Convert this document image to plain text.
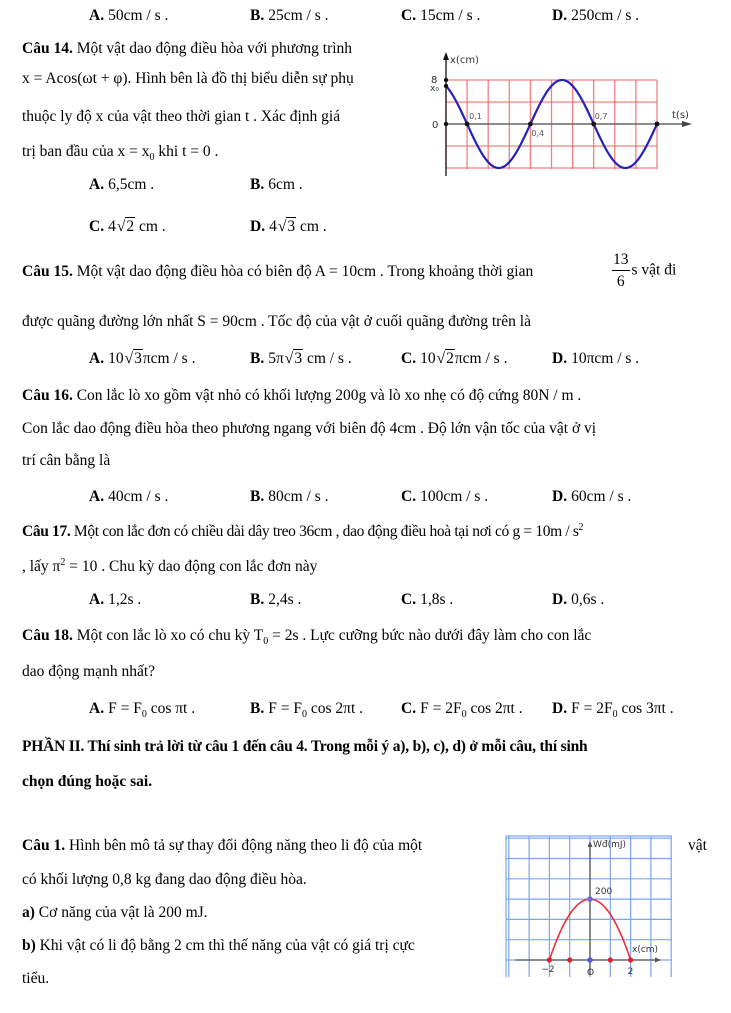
A. 50cm / s .	B. 25cm / s .	C. 15cm / s .	D. 250cm / s .
Câu 14. Một vật dao động điều hòa với phương trình
x = Acos(ωt + φ). Hình bên là đồ thị biểu diễn sự phụ
thuộc ly độ x của vật theo thời gian t . Xác định giá
trị ban đầu của $x = x_0$ khi t = 0 .
A. 6,5cm .	B. 6cm .
C. 4√2 cm .	D. 4√3 cm .
x(cm)
t(s)
8
x₀
0
0,1
0,4
0,7
Câu 15. Một vật dao động điều hòa có biên độ A = 10cm . Trong khoảng thời gian	$\frac{13}{6}$ s vật đi
được quãng đường lớn nhất S = 90cm . Tốc độ của vật ở cuối quãng đường trên là
A. 10√3πcm / s .	B. 5π√3 cm / s .	C. 10√2πcm / s .	D. 10πcm / s .
Câu 16. Con lắc lò xo gồm vật nhỏ có khối lượng 200g và lò xo nhẹ có độ cứng 80N / m .
Con lắc dao động điều hòa theo phương ngang với biên độ 4cm . Độ lớn vận tốc của vật ở vị
trí cân bằng là
A. 40cm / s .	B. 80cm / s .	C. 100cm / s .	D. 60cm / s .
Câu 17. Một con lắc đơn có chiều dài dây treo 36cm , dao động điều hoà tại nơi có $g = 10m / s^2$
, lấy $\pi^2 = 10$ . Chu kỳ dao động con lắc đơn này
A. 1,2s .	B. 2,4s .	C. 1,8s .	D. 0,6s .
Câu 18. Một con lắc lò xo có chu kỳ $T_0 = 2s$ . Lực cưỡng bức nào dưới đây làm cho con lắc
dao động mạnh nhất?
A. $F = F_0$ cos πt .	B. $F = F_0$ cos 2πt . C. $F = 2F_0$ cos 2πt . D. $F = 2F_0$ cos 3πt .
PHẦN II. Thí sinh trả lời từ câu 1 đến câu 4. Trong mỗi ý a), b), c), d) ở mỗi câu, thí sinh
chọn đúng hoặc sai.
Câu 1. Hình bên mô tả sự thay đổi động năng theo li độ của một	vật
có khối lượng 0,8 kg đang dao động điều hòa.
a) Cơ năng của vật là 200 mJ.
b) Khi vật có li độ bằng 2 cm thì thế năng của vật có giá trị cực
tiểu.
Wđ(mJ)
x(cm)
200
−2	O	2
